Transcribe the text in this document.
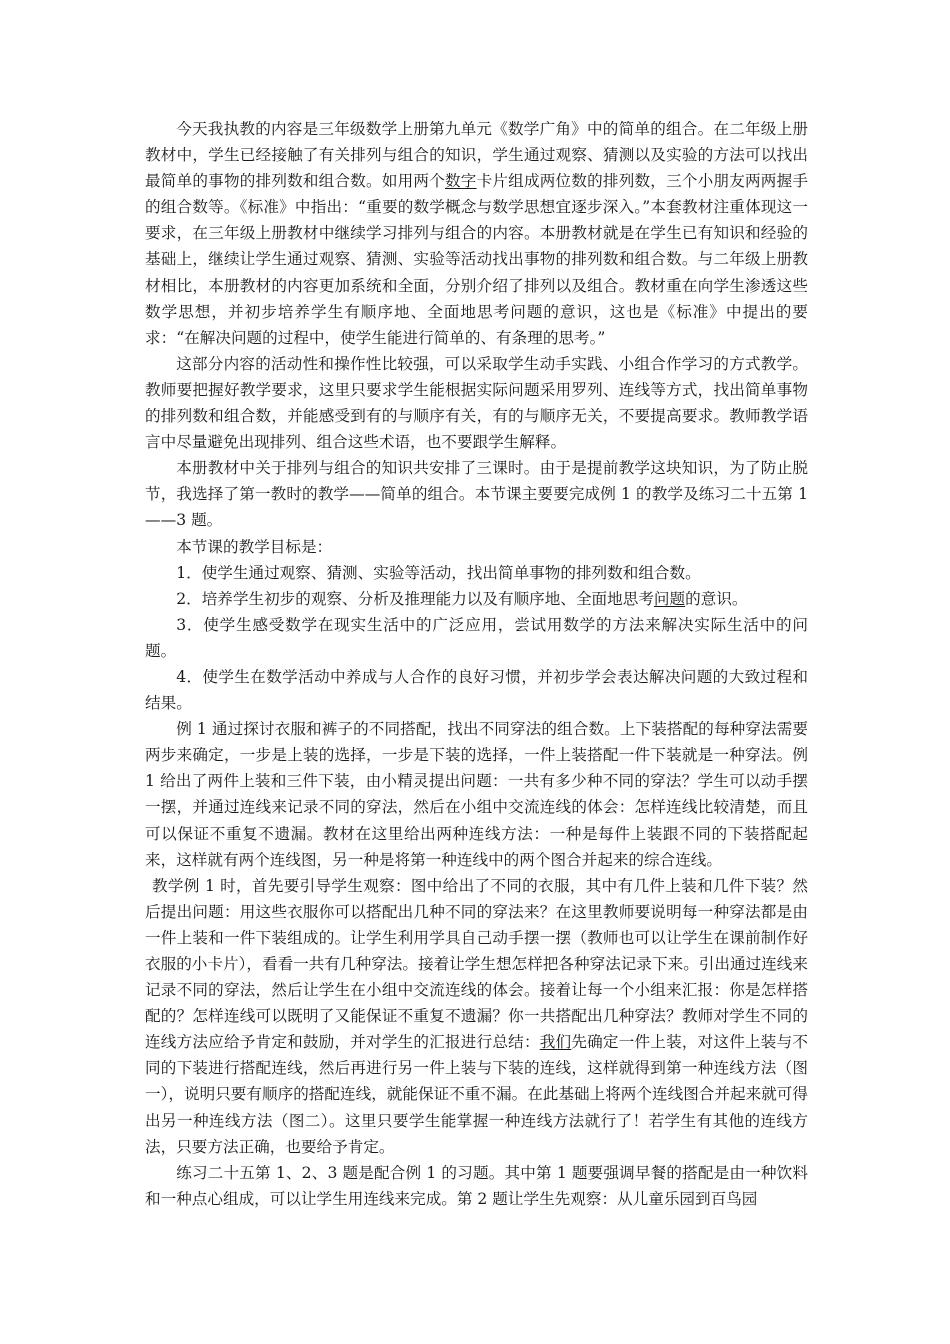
今天我执教的内容是三年级数学上册第九单元《数学广角》中的简单的组合。在二年级上册教材中，学生已经接触了有关排列与组合的知识，学生通过观察、猜测以及实验的方法可以找出最简单的事物的排列数和组合数。如用两个数字卡片组成两位数的排列数，三个小朋友两两握手的组合数等。《标准》中指出：“重要的数学概念与数学思想宜逐步深入。”本套教材注重体现这一要求，在三年级上册教材中继续学习排列与组合的内容。本册教材就是在学生已有知识和经验的基础上，继续让学生通过观察、猜测、实验等活动找出事物的排列数和组合数。与二年级上册教材相比，本册教材的内容更加系统和全面，分别介绍了排列以及组合。教材重在向学生渗透这些数学思想，并初步培养学生有顺序地、全面地思考问题的意识，这也是《标准》中提出的要求：“在解决问题的过程中，使学生能进行简单的、有条理的思考。”

这部分内容的活动性和操作性比较强，可以采取学生动手实践、小组合作学习的方式教学。教师要把握好教学要求，这里只要求学生能根据实际问题采用罗列、连线等方式，找出简单事物的排列数和组合数，并能感受到有的与顺序有关，有的与顺序无关，不要提高要求。教师教学语言中尽量避免出现排列、组合这些术语，也不要跟学生解释。

本册教材中关于排列与组合的知识共安排了三课时。由于是提前教学这块知识，为了防止脱节，我选择了第一教时的教学——简单的组合。本节课主要要完成例 1 的教学及练习二十五第 1——3 题。

本节课的教学目标是：

1．使学生通过观察、猜测、实验等活动，找出简单事物的排列数和组合数。

2．培养学生初步的观察、分析及推理能力以及有顺序地、全面地思考问题的意识。

3．使学生感受数学在现实生活中的广泛应用，尝试用数学的方法来解决实际生活中的问题。

4．使学生在数学活动中养成与人合作的良好习惯，并初步学会表达解决问题的大致过程和结果。

例 1 通过探讨衣服和裤子的不同搭配，找出不同穿法的组合数。上下装搭配的每种穿法需要两步来确定，一步是上装的选择，一步是下装的选择，一件上装搭配一件下装就是一种穿法。例 1 给出了两件上装和三件下装，由小精灵提出问题：一共有多少种不同的穿法？学生可以动手摆一摆，并通过连线来记录不同的穿法，然后在小组中交流连线的体会：怎样连线比较清楚，而且可以保证不重复不遗漏。教材在这里给出两种连线方法：一种是每件上装跟不同的下装搭配起来，这样就有两个连线图，另一种是将第一种连线中的两个图合并起来的综合连线。

教学例 1 时，首先要引导学生观察：图中给出了不同的衣服，其中有几件上装和几件下装？然后提出问题：用这些衣服你可以搭配出几种不同的穿法来？在这里教师要说明每一种穿法都是由一件上装和一件下装组成的。让学生利用学具自己动手摆一摆（教师也可以让学生在课前制作好衣服的小卡片），看看一共有几种穿法。接着让学生想怎样把各种穿法记录下来。引出通过连线来记录不同的穿法，然后让学生在小组中交流连线的体会。接着让每一个小组来汇报：你是怎样搭配的？怎样连线可以既明了又能保证不重复不遗漏？你一共搭配出几种穿法？教师对学生不同的连线方法应给予肯定和鼓励，并对学生的汇报进行总结：我们先确定一件上装，对这件上装与不同的下装进行搭配连线，然后再进行另一件上装与下装的连线，这样就得到第一种连线方法（图一），说明只要有顺序的搭配连线，就能保证不重不漏。在此基础上将两个连线图合并起来就可得出另一种连线方法（图二）。这里只要学生能掌握一种连线方法就行了！若学生有其他的连线方法，只要方法正确，也要给予肯定。

练习二十五第 1、2、3 题是配合例 1 的习题。其中第 1 题要强调早餐的搭配是由一种饮料和一种点心组成，可以让学生用连线来完成。第 2 题让学生先观察：从儿童乐园到百鸟园
